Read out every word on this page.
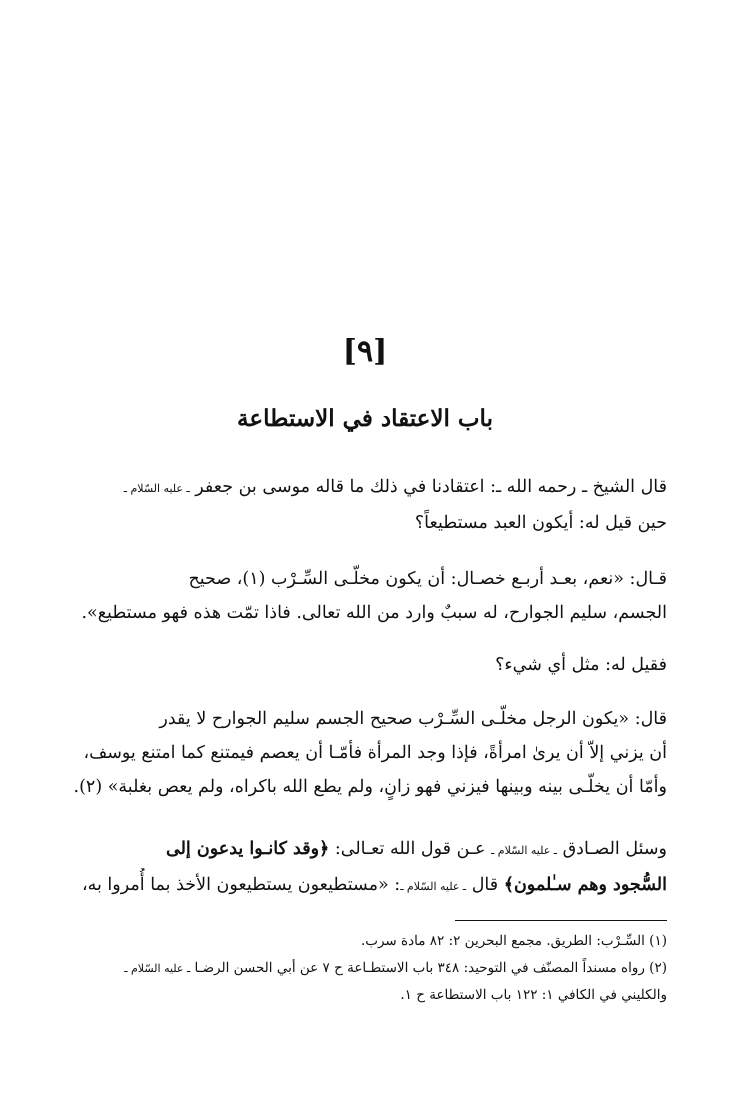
[٩]
باب الاعتقاد في الاستطاعة
قال الشيخ ـ رحمه الله ـ: اعتقادنا في ذلك ما قاله موسى بن جعفر ـ عليه السّلام ـ
حين قيل له: أيكون العبد مستطيعاً؟
قـال: «نعم، بعـد أربـع خصـال: أن يكون مخلّـى السِّـرْب (١)، صحيح
الجسم، سليم الجوارح، له سببٌ وارد من الله تعالى. فاذا تمّت هذه فهو مستطيع».
فقيل له: مثل أي شيء؟
قال: «يكون الرجل مخلّـى السِّـرْب صحيح الجسم سليم الجوارح لا يقدر
أن يزني إلاّ أن يرىٰ امرأةً، فإذا وجد المرأة فأمّـا أن يعصم فيمتنع كما امتنع يوسف،
وأمّا أن يخلّـى بينه وبينها فيزني فهو زانٍ، ولم يطع الله باكراه، ولم يعص بغلبة» (٢).
وسئل الصـادق ـ عليه السّلام ـ عـن قول الله تعـالى: ﴿وقد كانـوا يدعون إلى
السُّجود وهم سـٰلمون﴾ قال ـ عليه السّلام ـ: «مستطيعون يستطيعون الأخذ بما أُمروا به،
(١) السِّـرْب: الطريق. مجمع البحرين ٢: ٨٢ مادة سرب.
(٢) رواه مسنداً المصنّف في التوحيد: ٣٤٨ باب الاستطـاعة ح ٧ عن أبي الحسن الرضـا ـ عليه السّلام ـ
والكليني في الكافي ١: ١٢٢ باب الاستطاعة ح ١.
